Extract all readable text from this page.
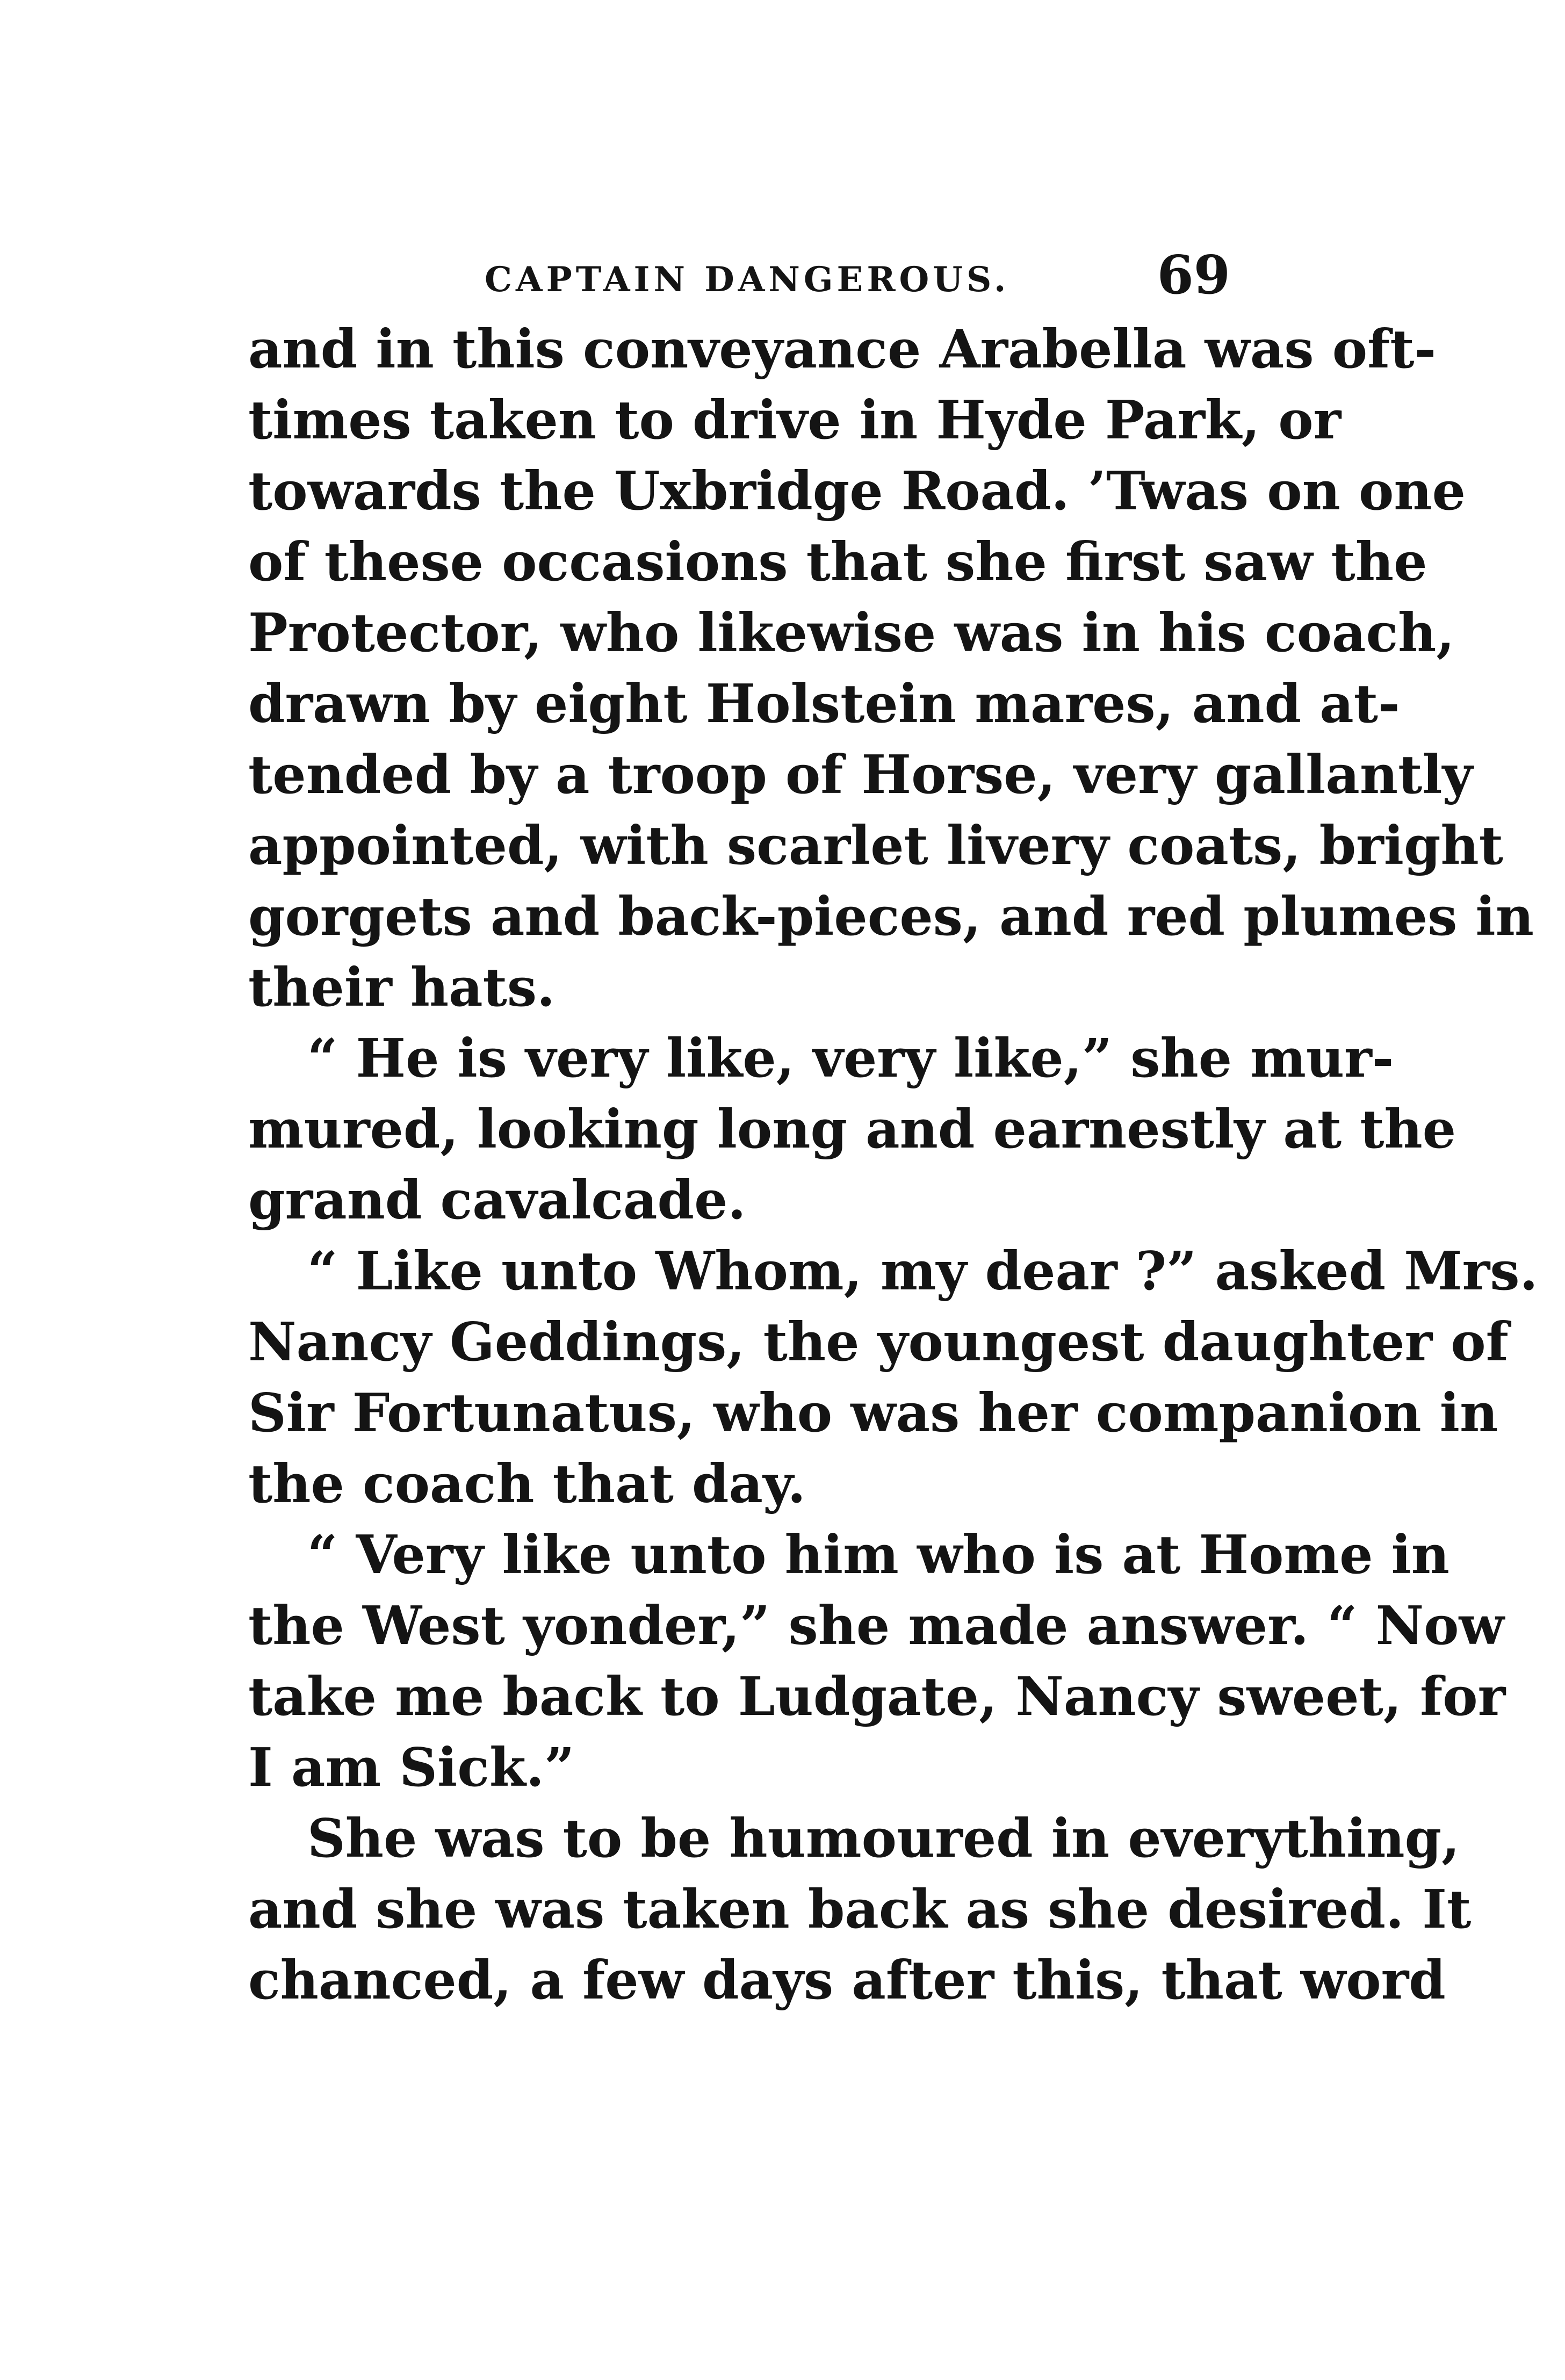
CAPTAIN DANGEROUS.	69
and in this conveyance Arabella was oft-
times taken to drive in Hyde Park, or
towards the Uxbridge Road. ’Twas on one
of these occasions that she first saw the
Protector, who likewise was in his coach,
drawn by eight Holstein mares, and at-
tended by a troop of Horse, very gallantly
appointed, with scarlet livery coats, bright
gorgets and back-pieces, and red plumes in
their hats.
“ He is very like, very like,” she mur-
mured, looking long and earnestly at the
grand cavalcade.
“ Like unto Whom, my dear ?” asked Mrs.
Nancy Geddings, the youngest daughter of
Sir Fortunatus, who was her companion in
the coach that day.
“ Very like unto him who is at Home in
the West yonder,” she made answer. “ Now
take me back to Ludgate, Nancy sweet, for
I am Sick.”
She was to be humoured in everything,
and she was taken back as she desired. It
chanced, a few days after this, that word
